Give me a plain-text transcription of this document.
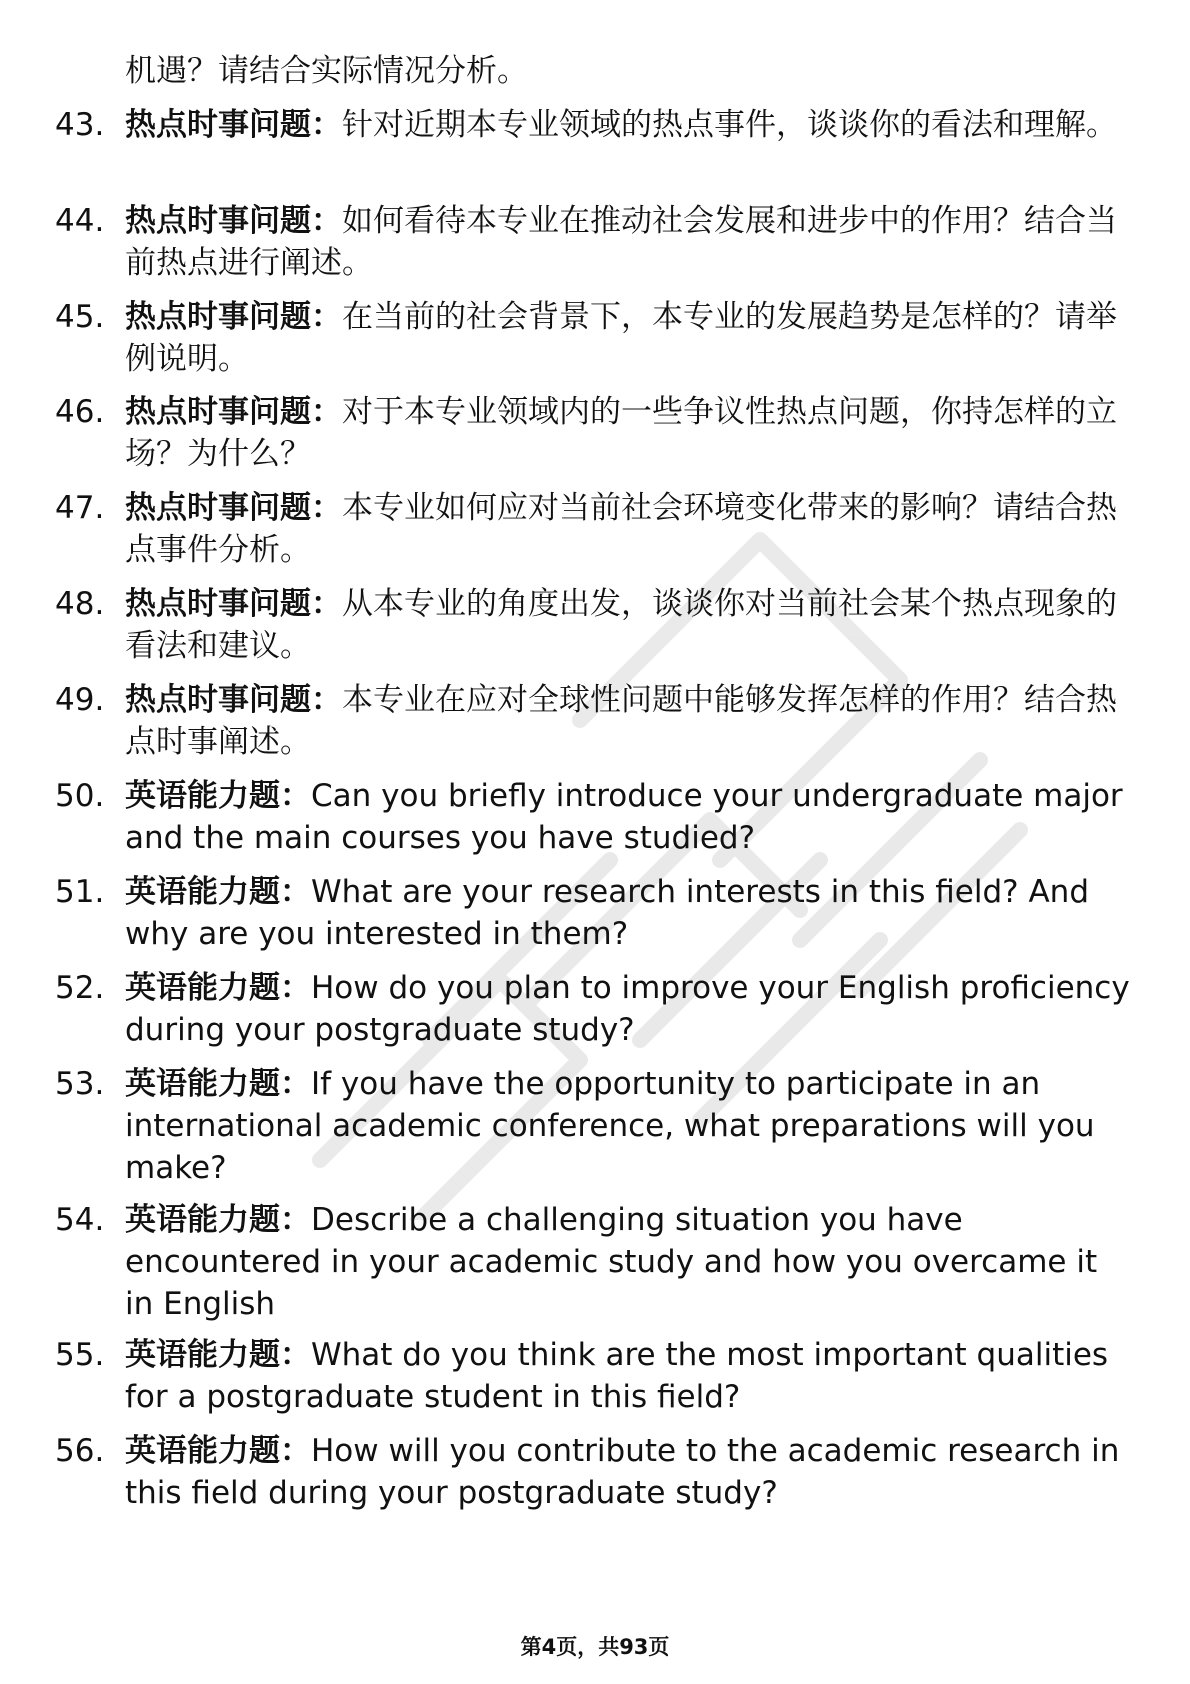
机遇？请结合实际情况分析。
43. 热点时事问题：针对近期本专业领域的热点事件，谈谈你的看法和理解。
44. 热点时事问题：如何看待本专业在推动社会发展和进步中的作用？结合当前热点进行阐述。
45. 热点时事问题：在当前的社会背景下，本专业的发展趋势是怎样的？请举例说明。
46. 热点时事问题：对于本专业领域内的一些争议性热点问题，你持怎样的立场？为什么？
47. 热点时事问题：本专业如何应对当前社会环境变化带来的影响？请结合热点事件分析。
48. 热点时事问题：从本专业的角度出发，谈谈你对当前社会某个热点现象的看法和建议。
49. 热点时事问题：本专业在应对全球性问题中能够发挥怎样的作用？结合热点时事阐述。
50. 英语能力题：Can you briefly introduce your undergraduate major and the main courses you have studied?
51. 英语能力题：What are your research interests in this field? And why are you interested in them?
52. 英语能力题：How do you plan to improve your English proficiency during your postgraduate study?
53. 英语能力题：If you have the opportunity to participate in an international academic conference, what preparations will you make?
54. 英语能力题：Describe a challenging situation you have encountered in your academic study and how you overcame it in English
55. 英语能力题：What do you think are the most important qualities for a postgraduate student in this field?
56. 英语能力题：How will you contribute to the academic research in this field during your postgraduate study?
第4页，共93页
